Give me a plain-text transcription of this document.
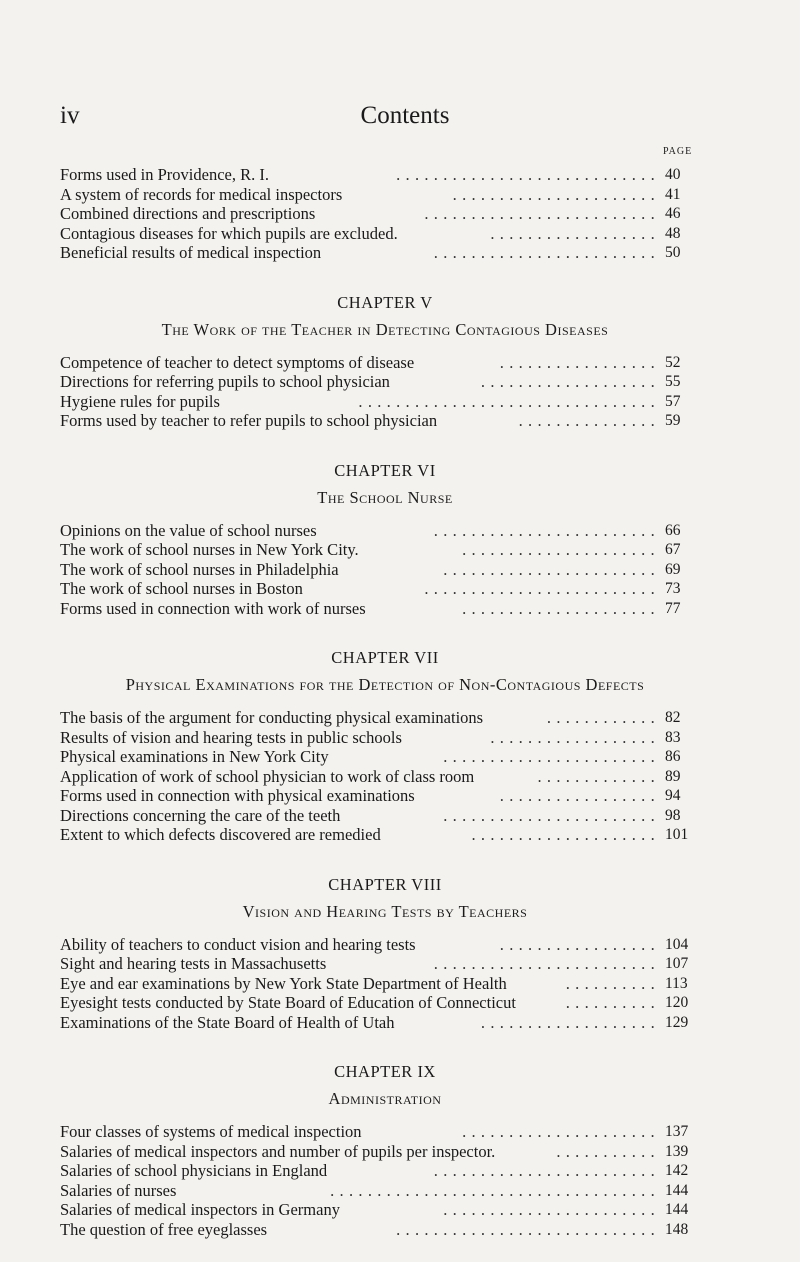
iv	Contents
PAGE
Forms used in Providence, R. I.	............................ 40
A system of records for medical inspectors	...................... 41
Combined directions and prescriptions	......................... 46
Contagious diseases for which pupils are excluded.	.................. 48
Beneficial results of medical inspection	........................ 50
CHAPTER V
The Work of the Teacher in Detecting Contagious Diseases
Competence of teacher to detect symptoms of disease	................. 52
Directions for referring pupils to school physician	................... 55
Hygiene rules for pupils	................................ 57
Forms used by teacher to refer pupils to school physician	............... 59
CHAPTER VI
The School Nurse
Opinions on the value of school nurses	........................ 66
The work of school nurses in New York City.	..................... 67
The work of school nurses in Philadelphia	....................... 69
The work of school nurses in Boston	......................... 73
Forms used in connection with work of nurses	..................... 77
CHAPTER VII
Physical Examinations for the Detection of Non-Contagious Defects
The basis of the argument for conducting physical examinations	............ 82
Results of vision and hearing tests in public schools	.................. 83
Physical examinations in New York City	....................... 86
Application of work of school physician to work of class room	............. 89
Forms used in connection with physical examinations	................. 94
Directions concerning the care of the teeth	....................... 98
Extent to which defects discovered are remedied	.................... 101
CHAPTER VIII
Vision and Hearing Tests by Teachers
Ability of teachers to conduct vision and hearing tests	................. 104
Sight and hearing tests in Massachusetts	........................ 107
Eye and ear examinations by New York State Department of Health	.......... 113
Eyesight tests conducted by State Board of Education of Connecticut	.......... 120
Examinations of the State Board of Health of Utah	................... 129
CHAPTER IX
Administration
Four classes of systems of medical inspection	..................... 137
Salaries of medical inspectors and number of pupils per inspector.	........... 139
Salaries of school physicians in England	........................ 142
Salaries of nurses	................................... 144
Salaries of medical inspectors in Germany	....................... 144
The question of free eyeglasses	............................ 148
